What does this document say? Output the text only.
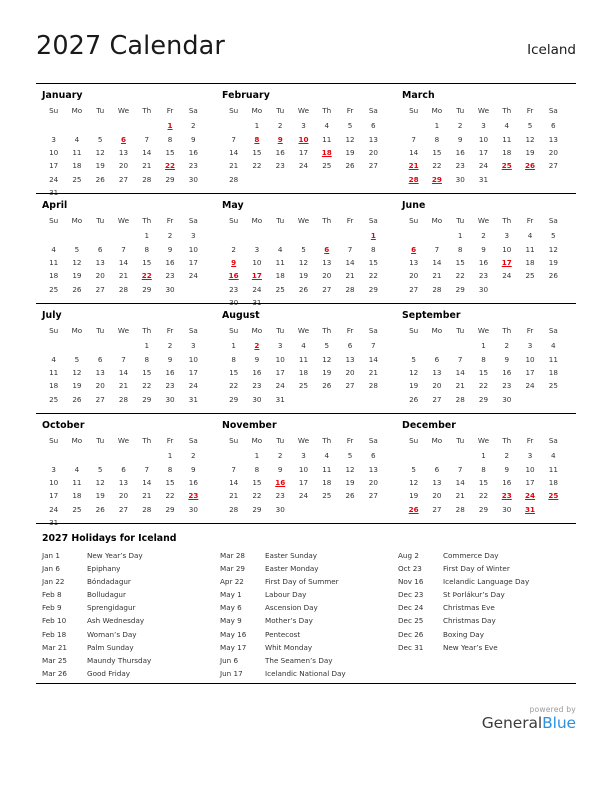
2027 Calendar	Iceland
January
Su	Mo	Tu	We	Th	Fr	Sa
					1	2
3	4	5	6	7	8	9
10	11	12	13	14	15	16
17	18	19	20	21	22	23
24	25	26	27	28	29	30
31						
February
Su	Mo	Tu	We	Th	Fr	Sa
	1	2	3	4	5	6
7	8	9	10	11	12	13
14	15	16	17	18	19	20
21	22	23	24	25	26	27
28						
March
Su	Mo	Tu	We	Th	Fr	Sa
	1	2	3	4	5	6
7	8	9	10	11	12	13
14	15	16	17	18	19	20
21	22	23	24	25	26	27
28	29	30	31			
April
Su	Mo	Tu	We	Th	Fr	Sa
				1	2	3
4	5	6	7	8	9	10
11	12	13	14	15	16	17
18	19	20	21	22	23	24
25	26	27	28	29	30	
May
Su	Mo	Tu	We	Th	Fr	Sa
						1
2	3	4	5	6	7	8
9	10	11	12	13	14	15
16	17	18	19	20	21	22
23	24	25	26	27	28	29
30	31					
June
Su	Mo	Tu	We	Th	Fr	Sa
		1	2	3	4	5
6	7	8	9	10	11	12
13	14	15	16	17	18	19
20	21	22	23	24	25	26
27	28	29	30			
July
Su	Mo	Tu	We	Th	Fr	Sa
				1	2	3
4	5	6	7	8	9	10
11	12	13	14	15	16	17
18	19	20	21	22	23	24
25	26	27	28	29	30	31
August
Su	Mo	Tu	We	Th	Fr	Sa
1	2	3	4	5	6	7
8	9	10	11	12	13	14
15	16	17	18	19	20	21
22	23	24	25	26	27	28
29	30	31				
September
Su	Mo	Tu	We	Th	Fr	Sa
			1	2	3	4
5	6	7	8	9	10	11
12	13	14	15	16	17	18
19	20	21	22	23	24	25
26	27	28	29	30		
October
Su	Mo	Tu	We	Th	Fr	Sa
					1	2
3	4	5	6	7	8	9
10	11	12	13	14	15	16
17	18	19	20	21	22	23
24	25	26	27	28	29	30
31						
November
Su	Mo	Tu	We	Th	Fr	Sa
	1	2	3	4	5	6
7	8	9	10	11	12	13
14	15	16	17	18	19	20
21	22	23	24	25	26	27
28	29	30				
December
Su	Mo	Tu	We	Th	Fr	Sa
			1	2	3	4
5	6	7	8	9	10	11
12	13	14	15	16	17	18
19	20	21	22	23	24	25
26	27	28	29	30	31	
2027 Holidays for Iceland
Jan 1	New Year’s Day
Jan 6	Epiphany
Jan 22	Bóndadagur
Feb 8	Bolludagur
Feb 9	Sprengidagur
Feb 10	Ash Wednesday
Feb 18	Woman’s Day
Mar 21	Palm Sunday
Mar 25	Maundy Thursday
Mar 26	Good Friday
Mar 28	Easter Sunday
Mar 29	Easter Monday
Apr 22	First Day of Summer
May 1	Labour Day
May 6	Ascension Day
May 9	Mother’s Day
May 16	Pentecost
May 17	Whit Monday
Jun 6	The Seamen’s Day
Jun 17	Icelandic National Day
Aug 2	Commerce Day
Oct 23	First Day of Winter
Nov 16	Icelandic Language Day
Dec 23	St Þorlákur’s Day
Dec 24	Christmas Eve
Dec 25	Christmas Day
Dec 26	Boxing Day
Dec 31	New Year’s Eve
powered by
GeneralBlue
